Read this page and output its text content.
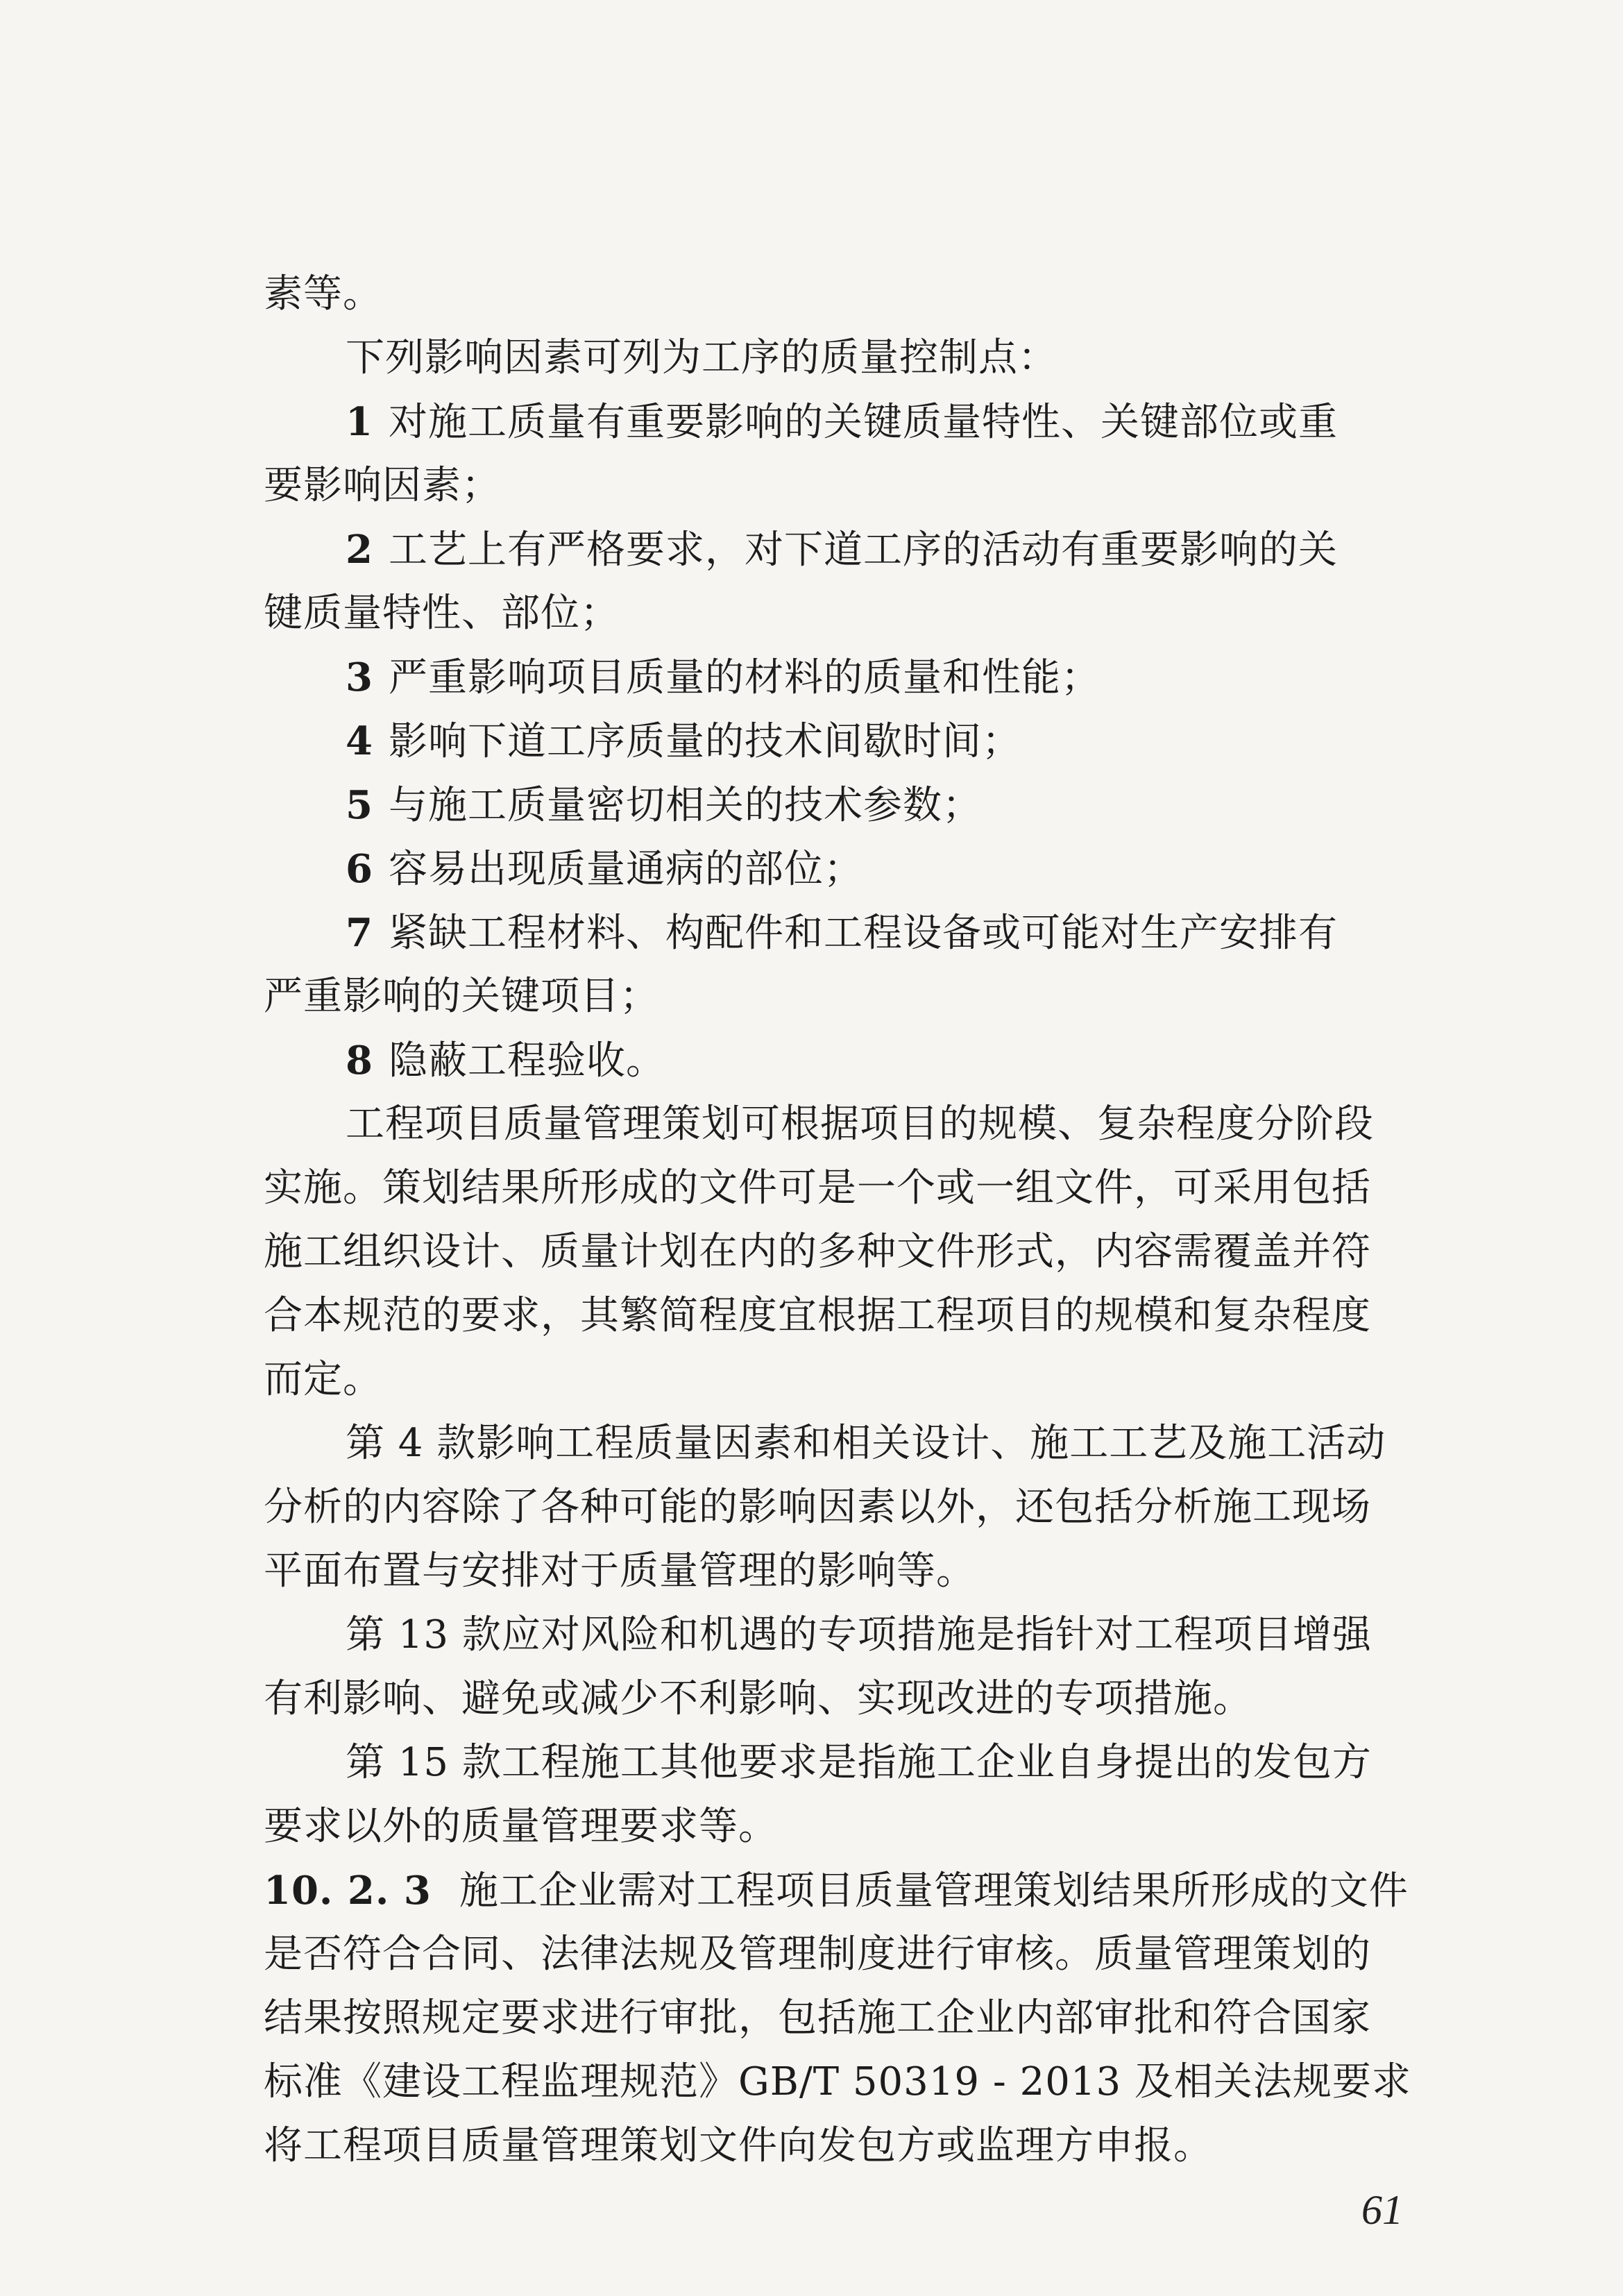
素等。
下列影响因素可列为工序的质量控制点：
1 对施工质量有重要影响的关键质量特性、关键部位或重
要影响因素；
2 工艺上有严格要求，对下道工序的活动有重要影响的关
键质量特性、部位；
3 严重影响项目质量的材料的质量和性能；
4 影响下道工序质量的技术间歇时间；
5 与施工质量密切相关的技术参数；
6 容易出现质量通病的部位；
7 紧缺工程材料、构配件和工程设备或可能对生产安排有
严重影响的关键项目；
8 隐蔽工程验收。
工程项目质量管理策划可根据项目的规模、复杂程度分阶段
实施。策划结果所形成的文件可是一个或一组文件，可采用包括
施工组织设计、质量计划在内的多种文件形式，内容需覆盖并符
合本规范的要求，其繁简程度宜根据工程项目的规模和复杂程度
而定。
第 4 款影响工程质量因素和相关设计、施工工艺及施工活动
分析的内容除了各种可能的影响因素以外，还包括分析施工现场
平面布置与安排对于质量管理的影响等。
第 13 款应对风险和机遇的专项措施是指针对工程项目增强
有利影响、避免或减少不利影响、实现改进的专项措施。
第 15 款工程施工其他要求是指施工企业自身提出的发包方
要求以外的质量管理要求等。
10. 2. 3 施工企业需对工程项目质量管理策划结果所形成的文件
是否符合合同、法律法规及管理制度进行审核。质量管理策划的
结果按照规定要求进行审批，包括施工企业内部审批和符合国家
标准《建设工程监理规范》GB/T 50319 - 2013 及相关法规要求
将工程项目质量管理策划文件向发包方或监理方申报。
61
